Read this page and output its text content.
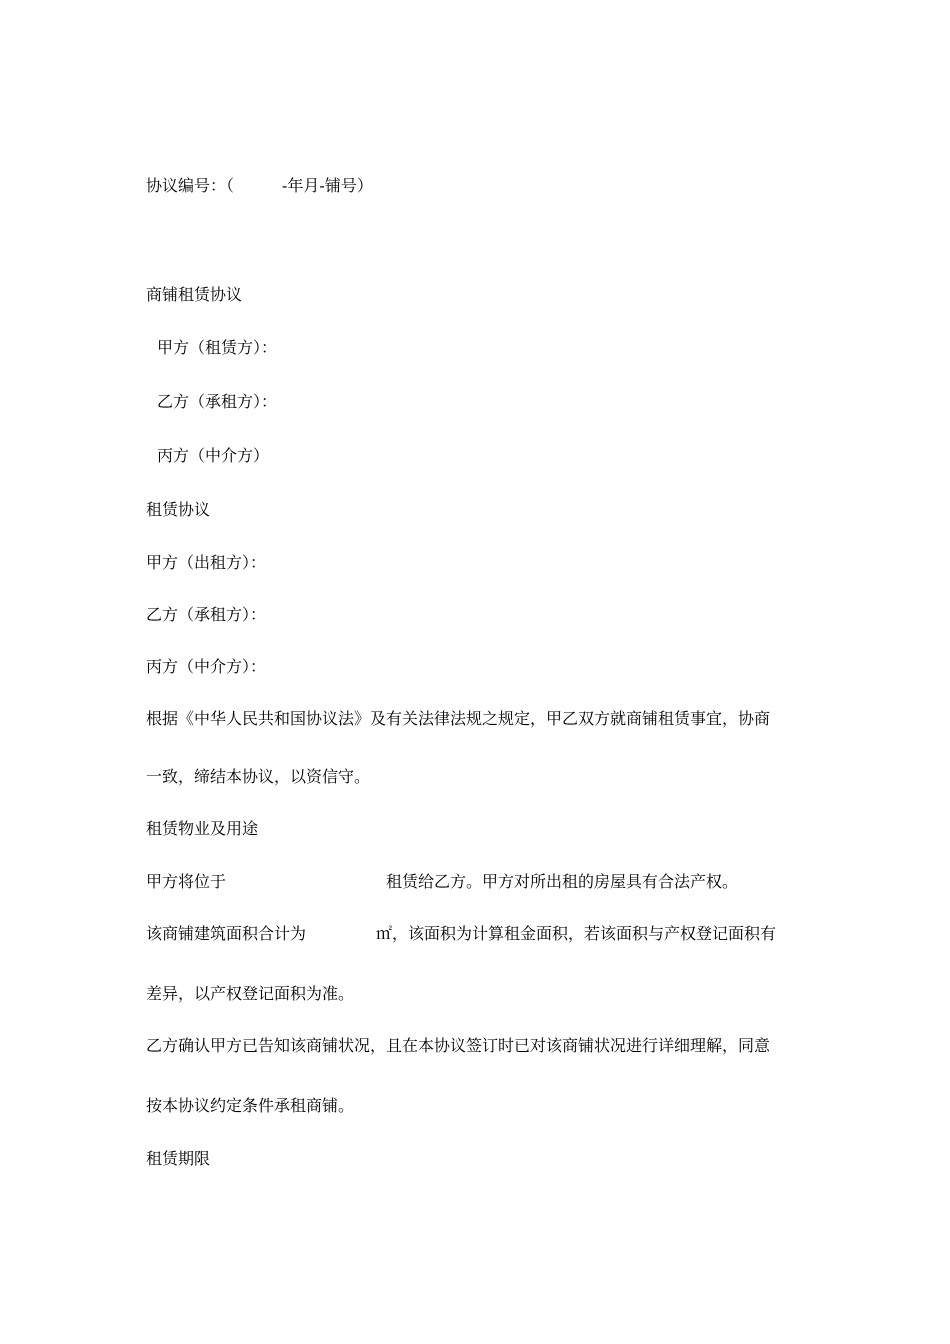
协议编号：（	-年月-铺号）
商铺租赁协议
甲方（租赁方）：
乙方（承租方）：
丙方（中介方）
租赁协议
甲方（出租方）：
乙方（承租方）：
丙方（中介方）：
根据《中华人民共和国协议法》及有关法律法规之规定，甲乙双方就商铺租赁事宜，协商
一致，缔结本协议，以资信守。
租赁物业及用途
甲方将位于	租赁给乙方。甲方对所出租的房屋具有合法产权。
该商铺建筑面积合计为	㎡，该面积为计算租金面积，若该面积与产权登记面积有
差异，以产权登记面积为准。
乙方确认甲方已告知该商铺状况，且在本协议签订时已对该商铺状况进行详细理解，同意
按本协议约定条件承租商铺。
租赁期限
